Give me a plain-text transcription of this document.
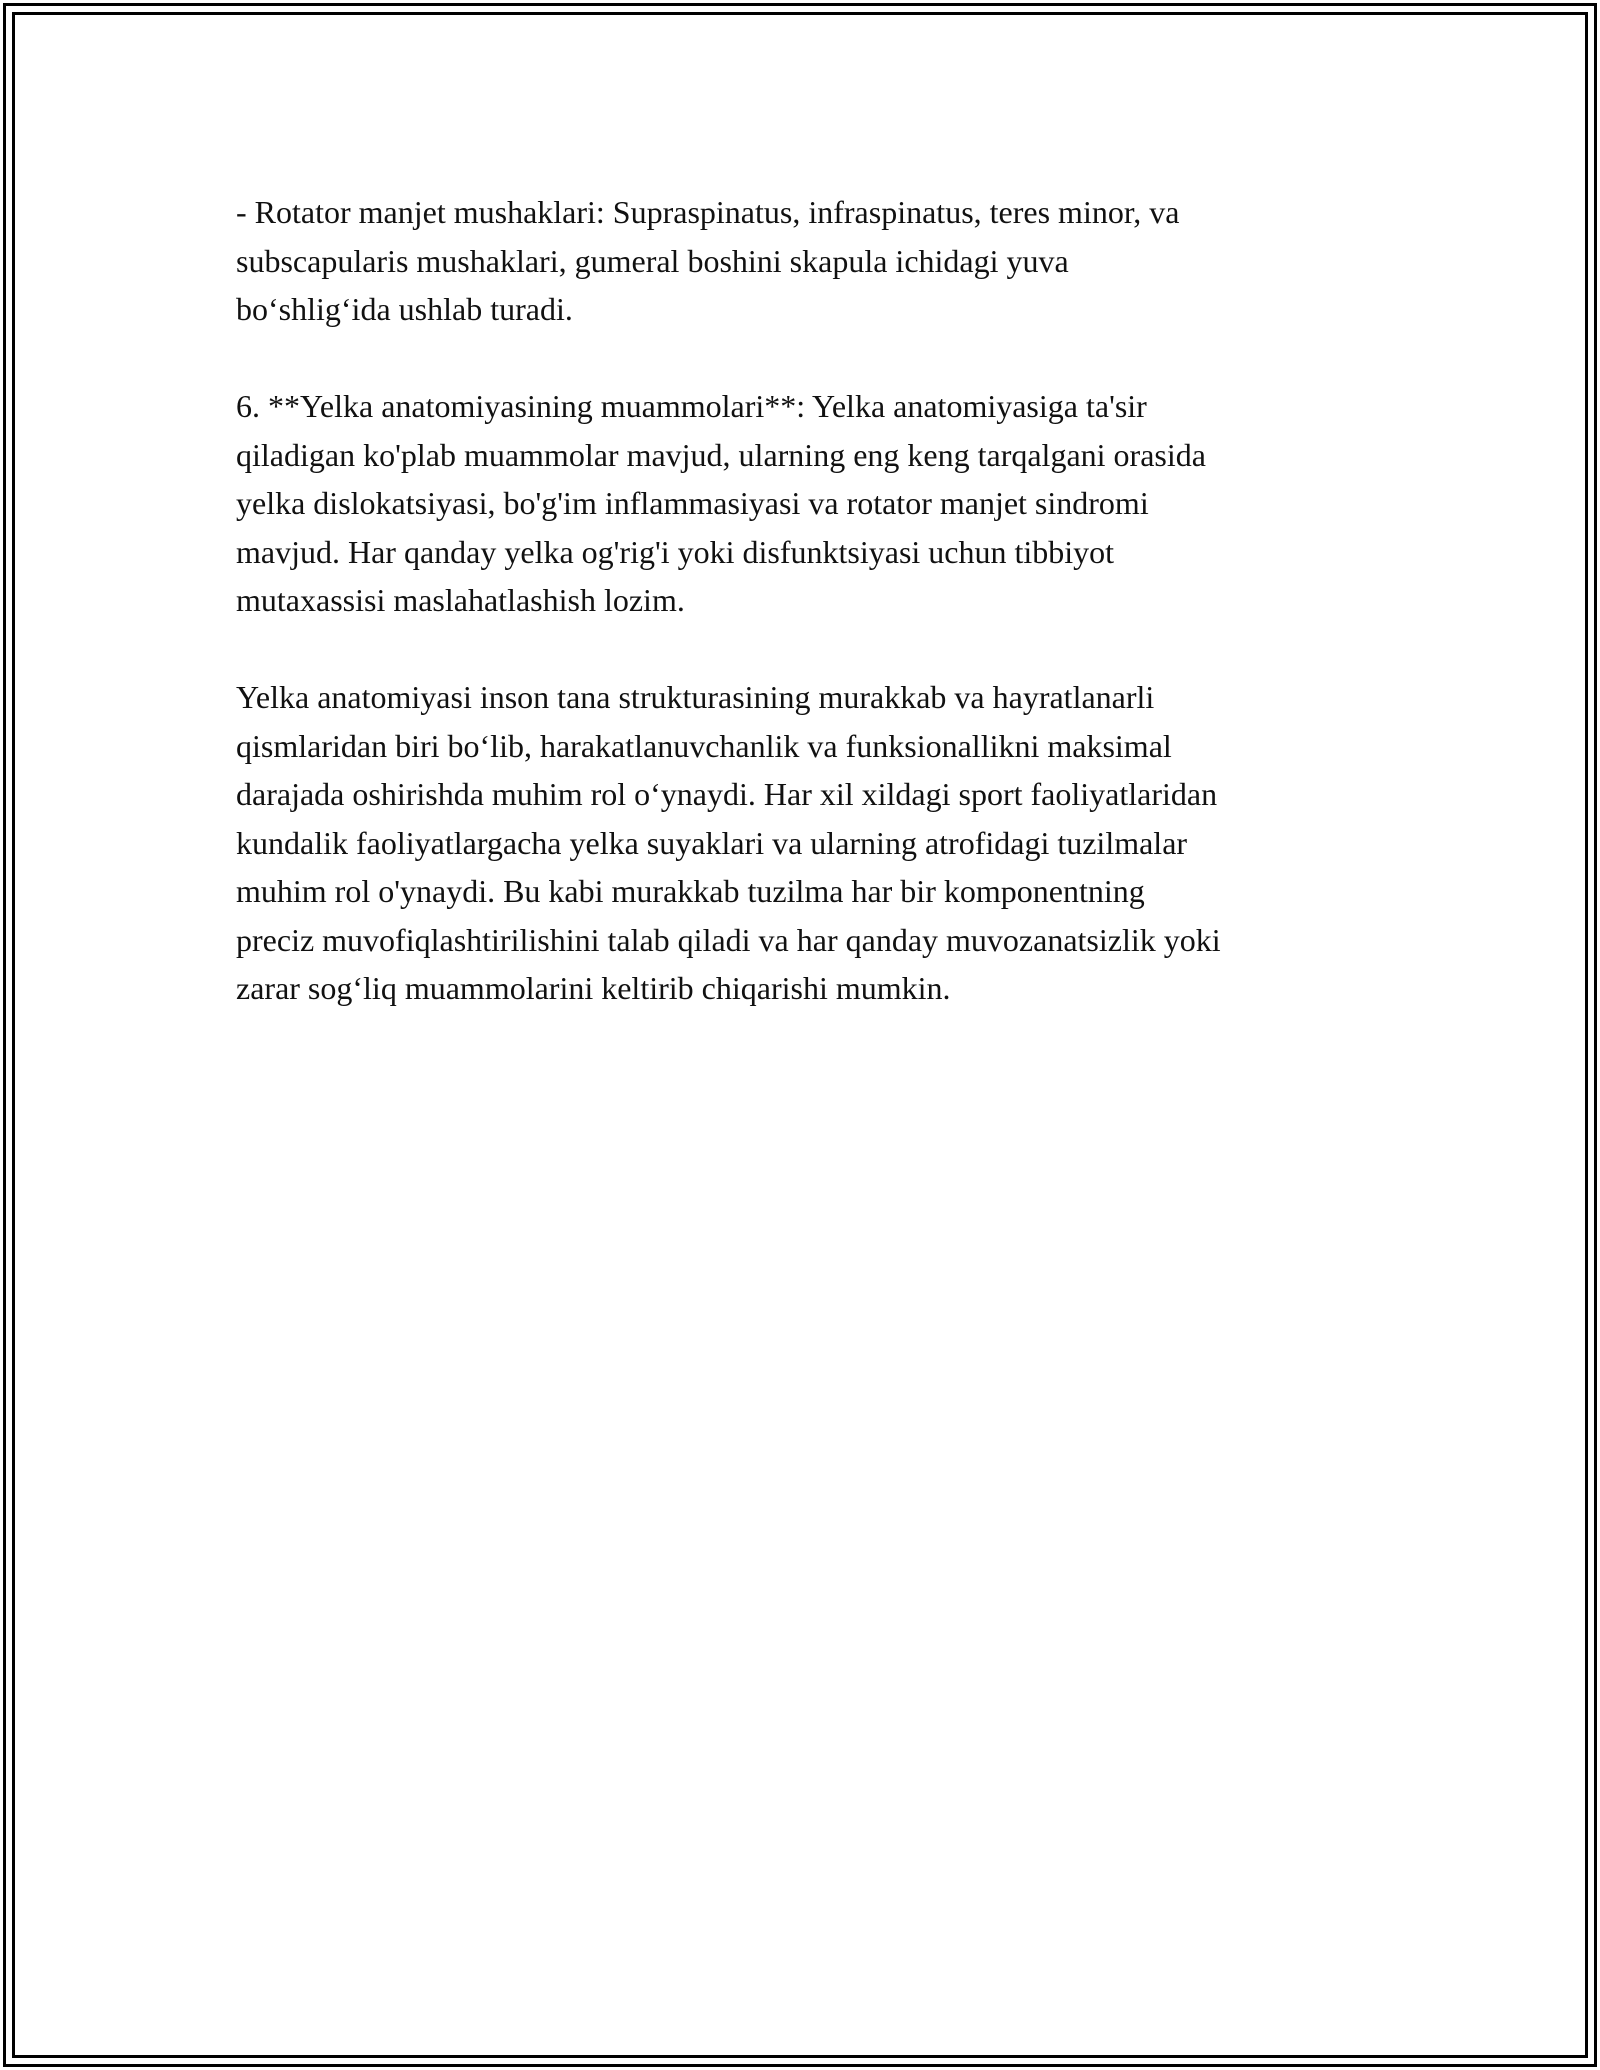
- Rotator manjet mushaklari: Supraspinatus, infraspinatus, teres minor, va
subscapularis mushaklari, gumeral boshini skapula ichidagi yuva
bo‘shlig‘ida ushlab turadi.

6. **Yelka anatomiyasining muammolari**: Yelka anatomiyasiga ta'sir
qiladigan ko'plab muammolar mavjud, ularning eng keng tarqalgani orasida
yelka dislokatsiyasi, bo'g'im inflammasiyasi va rotator manjet sindromi
mavjud. Har qanday yelka og'rig'i yoki disfunktsiyasi uchun tibbiyot
mutaxassisi maslahatlashish lozim.

Yelka anatomiyasi inson tana strukturasining murakkab va hayratlanarli
qismlaridan biri bo‘lib, harakatlanuvchanlik va funksionallikni maksimal
darajada oshirishda muhim rol o‘ynaydi. Har xil xildagi sport faoliyatlaridan
kundalik faoliyatlargacha yelka suyaklari va ularning atrofidagi tuzilmalar
muhim rol o'ynaydi. Bu kabi murakkab tuzilma har bir komponentning
preciz muvofiqlashtirilishini talab qiladi va har qanday muvozanatsizlik yoki
zarar sog‘liq muammolarini keltirib chiqarishi mumkin.
